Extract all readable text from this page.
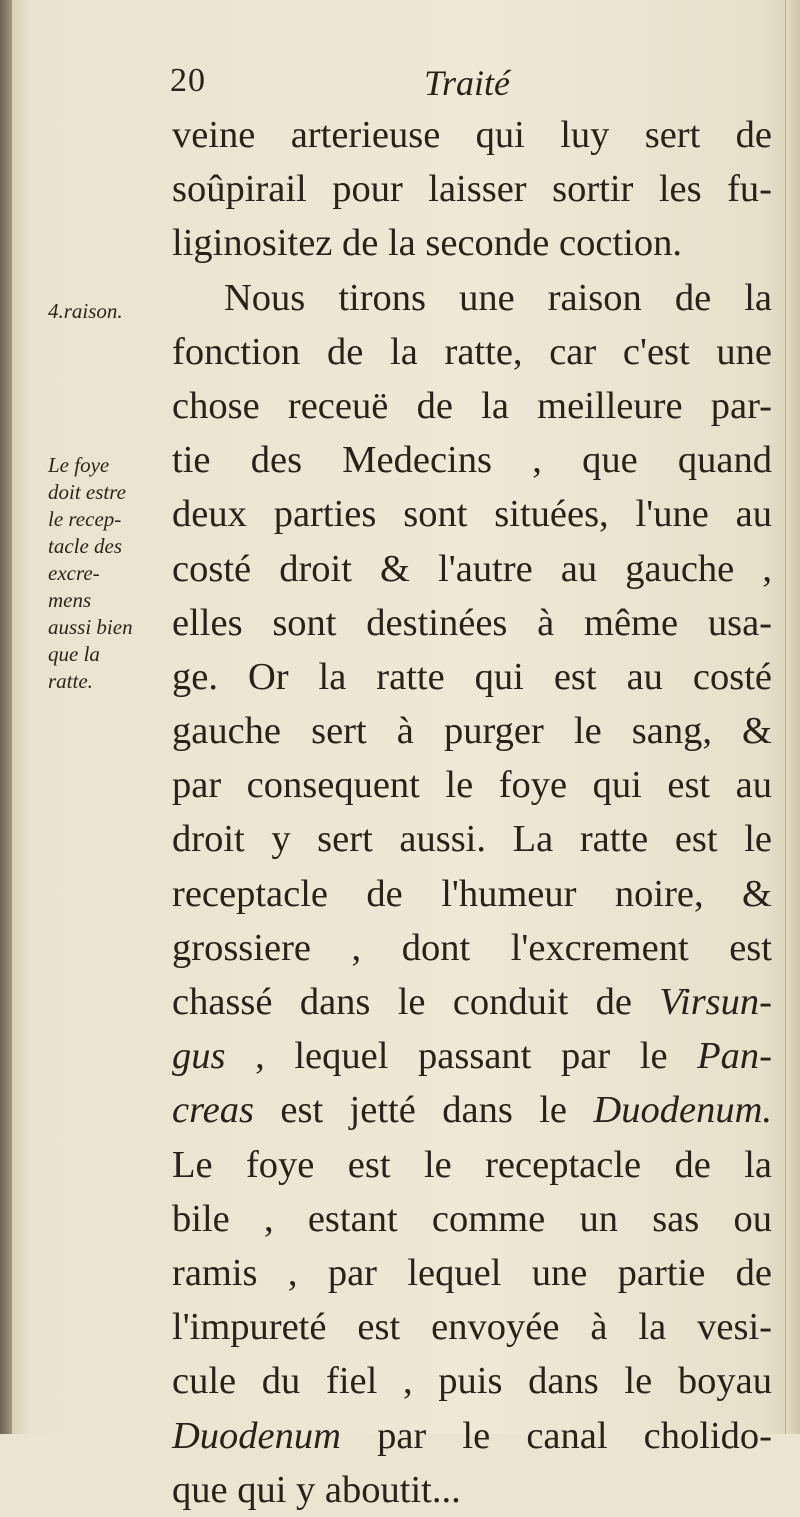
20	Traité
4.raison.
Le foye
doit estre
le recep-
tacle des
excre-
mens
aussi bien
que la
ratte.
veine arterieuse qui luy sert de
soûpirail pour laisser sortir les fu-
liginositez de la seconde coction.
Nous tirons une raison de la
fonction de la ratte, car c'est une
chose receuë de la meilleure par-
tie des Medecins , que quand
deux parties sont situées, l'une au
costé droit & l'autre au gauche ,
elles sont destinées à même usa-
ge. Or la ratte qui est au costé
gauche sert à purger le sang, &
par consequent le foye qui est au
droit y sert aussi. La ratte est le
receptacle de l'humeur noire, &
grossiere , dont l'excrement est
chassé dans le conduit de Virsun-
gus , lequel passant par le Pan-
creas est jetté dans le Duodenum.
Le foye est le receptacle de la
bile , estant comme un sas ou
ramis , par lequel une partie de
l'impureté est envoyée à la vesi-
cule du fiel , puis dans le boyau
Duodenum par le canal cholido-
que qui y aboutit...
